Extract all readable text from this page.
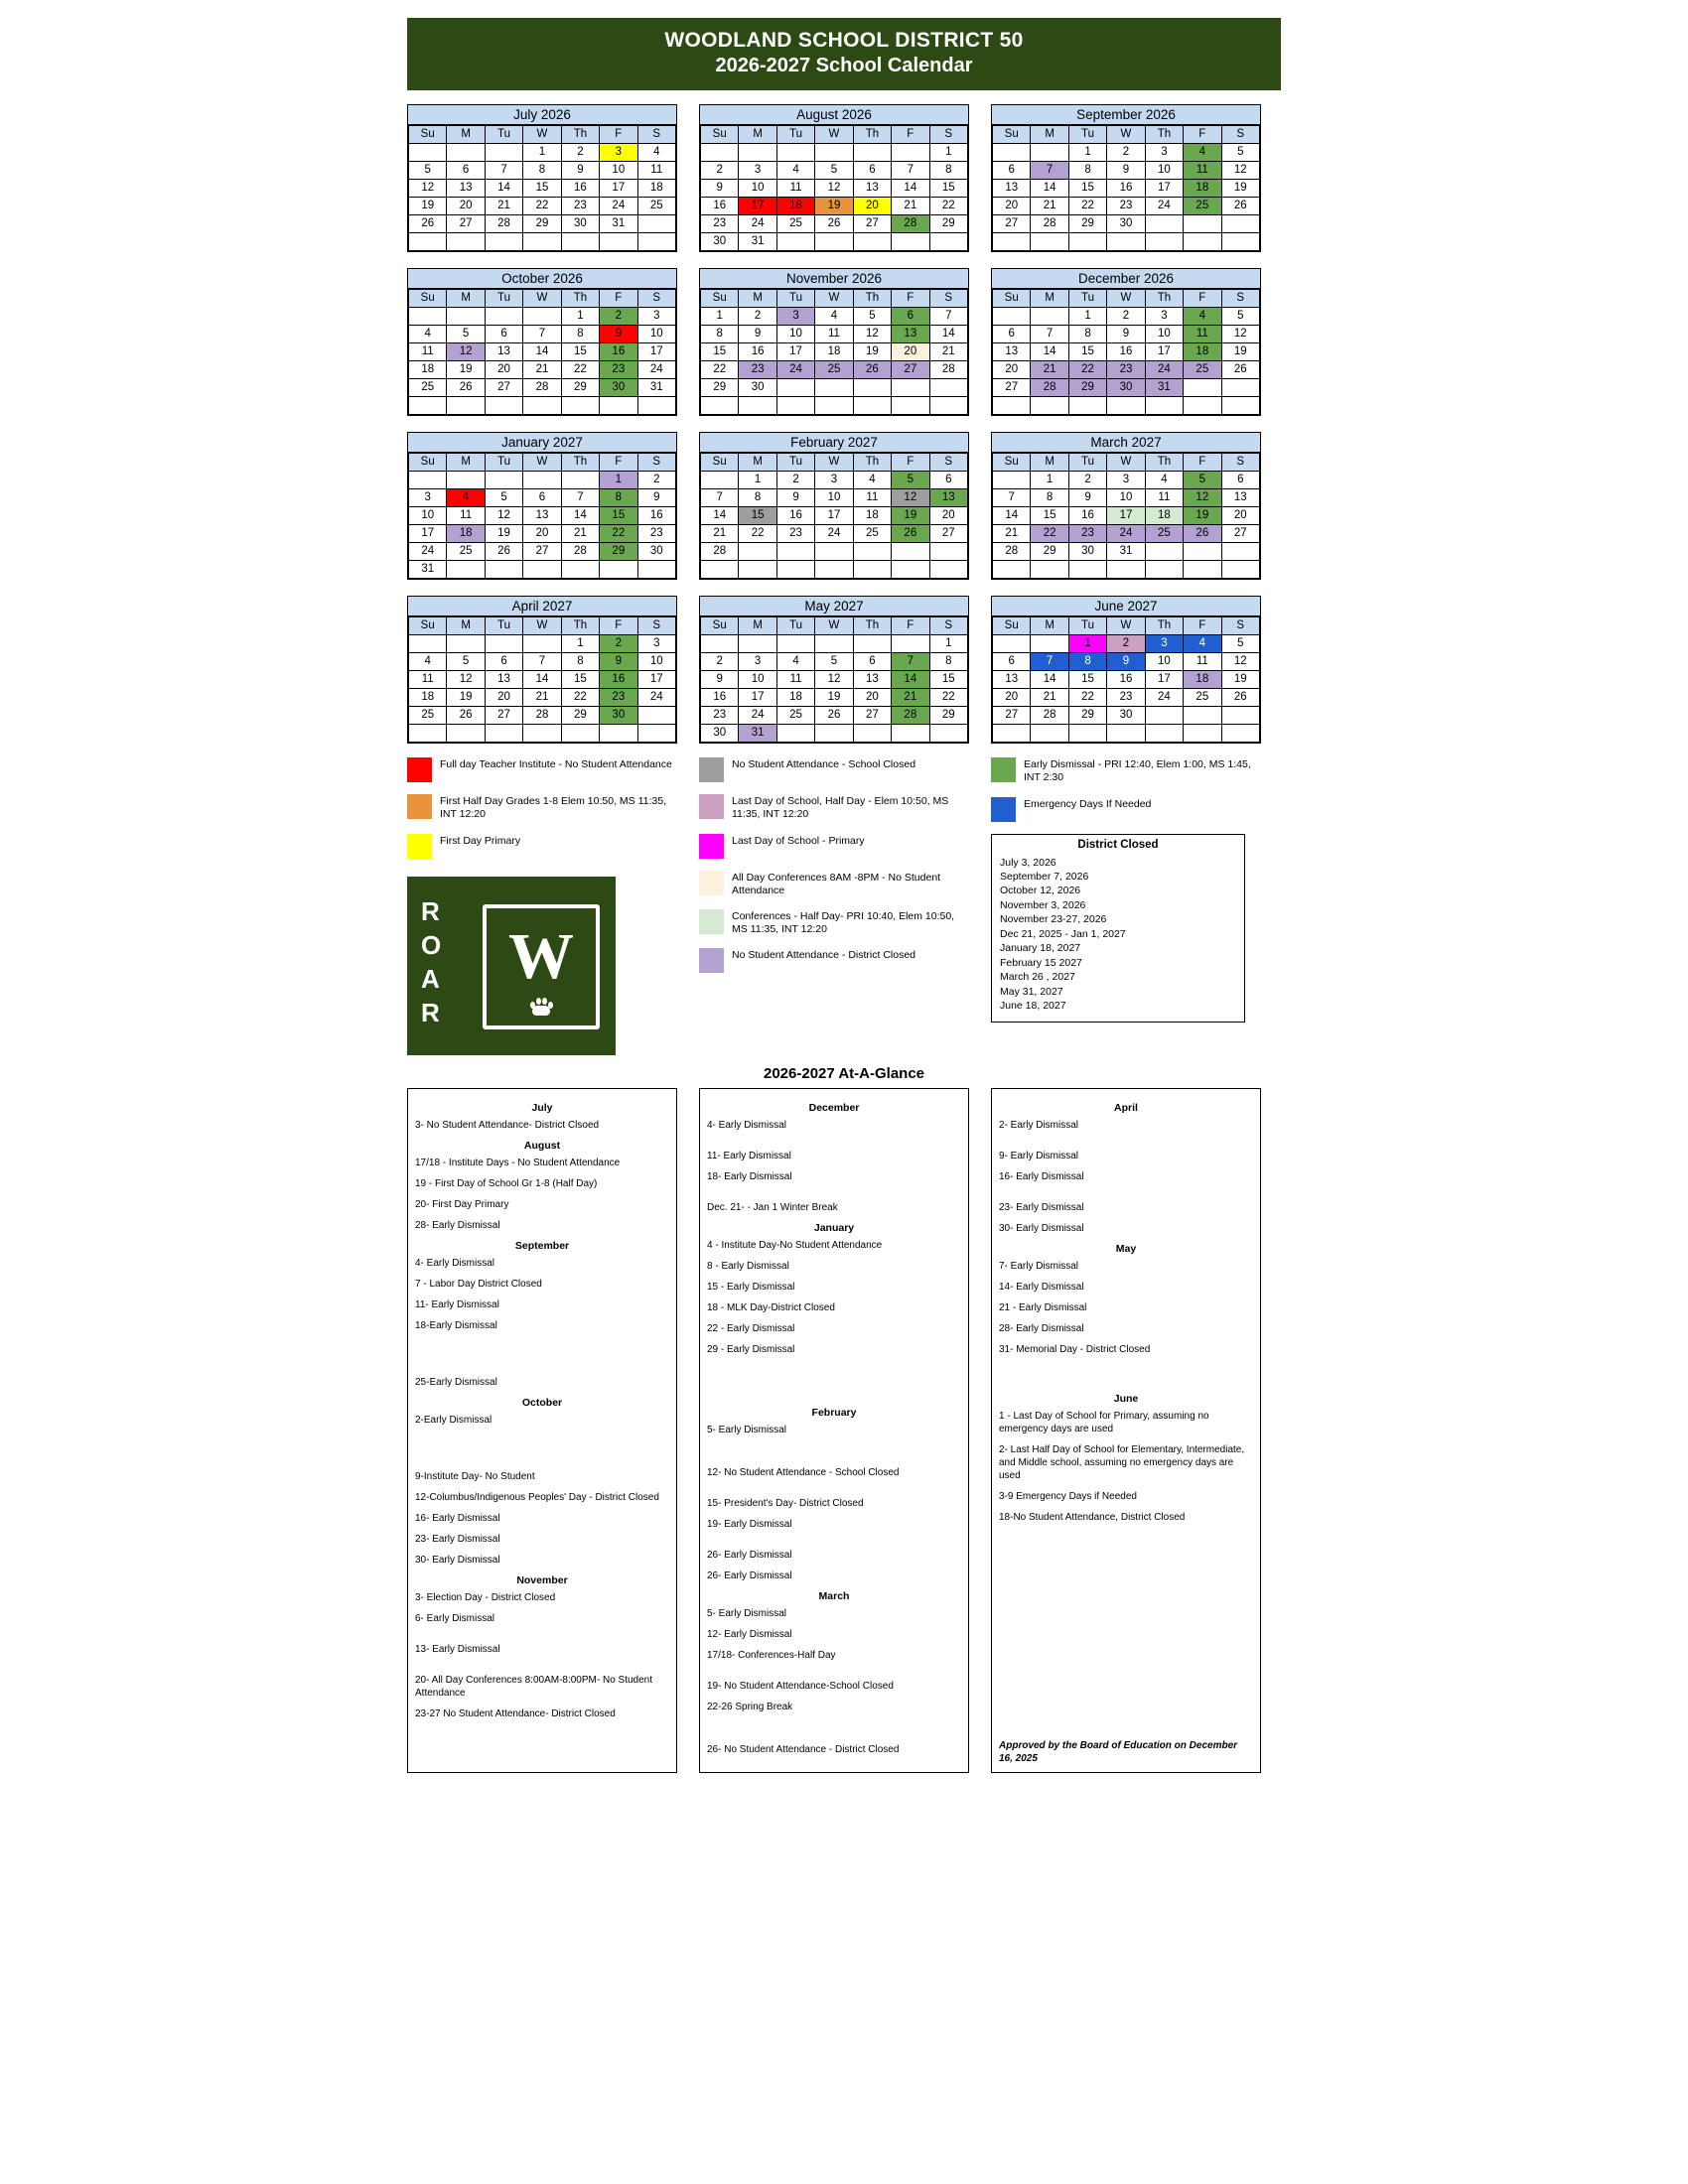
WOODLAND SCHOOL DISTRICT 50
2026-2027 School Calendar
July 2026
Su	M	Tu	W	Th	F	S
			1	2	3	4
5	6	7	8	9	10	11
12	13	14	15	16	17	18
19	20	21	22	23	24	25
26	27	28	29	30	31	

August 2026
Su	M	Tu	W	Th	F	S
						1
2	3	4	5	6	7	8
9	10	11	12	13	14	15
16	17	18	19	20	21	22
23	24	25	26	27	28	29
30	31					
September 2026
Su	M	Tu	W	Th	F	S
		1	2	3	4	5
6	7	8	9	10	11	12
13	14	15	16	17	18	19
20	21	22	23	24	25	26
27	28	29	30			

October 2026
Su	M	Tu	W	Th	F	S
				1	2	3
4	5	6	7	8	9	10
11	12	13	14	15	16	17
18	19	20	21	22	23	24
25	26	27	28	29	30	31

November 2026
Su	M	Tu	W	Th	F	S
1	2	3	4	5	6	7
8	9	10	11	12	13	14
15	16	17	18	19	20	21
22	23	24	25	26	27	28
29	30					

December 2026
Su	M	Tu	W	Th	F	S
		1	2	3	4	5
6	7	8	9	10	11	12
13	14	15	16	17	18	19
20	21	22	23	24	25	26
27	28	29	30	31		

January 2027
Su	M	Tu	W	Th	F	S
					1	2
3	4	5	6	7	8	9
10	11	12	13	14	15	16
17	18	19	20	21	22	23
24	25	26	27	28	29	30
31						
February 2027
Su	M	Tu	W	Th	F	S
	1	2	3	4	5	6
7	8	9	10	11	12	13
14	15	16	17	18	19	20
21	22	23	24	25	26	27
28						

March 2027
Su	M	Tu	W	Th	F	S
	1	2	3	4	5	6
7	8	9	10	11	12	13
14	15	16	17	18	19	20
21	22	23	24	25	26	27
28	29	30	31			

April 2027
Su	M	Tu	W	Th	F	S
				1	2	3
4	5	6	7	8	9	10
11	12	13	14	15	16	17
18	19	20	21	22	23	24
25	26	27	28	29	30	

May 2027
Su	M	Tu	W	Th	F	S
						1
2	3	4	5	6	7	8
9	10	11	12	13	14	15
16	17	18	19	20	21	22
23	24	25	26	27	28	29
30	31					
June 2027
Su	M	Tu	W	Th	F	S
		1	2	3	4	5
6	7	8	9	10	11	12
13	14	15	16	17	18	19
20	21	22	23	24	25	26
27	28	29	30			

Full day Teacher Institute - No Student Attendance
First Half Day Grades 1-8 Elem 10:50, MS 11:35, INT 12:20
First Day Primary
R
O
A
R
W
No Student Attendance - School Closed
Last Day of School, Half Day - Elem 10:50, MS 11:35, INT 12:20
Last Day of School - Primary
All Day Conferences 8AM -8PM - No Student Attendance
Conferences - Half Day- PRI 10:40, Elem 10:50, MS 11:35, INT 12:20
No Student Attendance - District Closed
Early Dismissal - PRI 12:40, Elem 1:00, MS 1:45, INT 2:30
Emergency Days If Needed
District Closed
July 3, 2026
September 7, 2026
October 12, 2026
November 3, 2026
November 23-27, 2026
Dec 21, 2025 - Jan 1, 2027
January 18, 2027
February 15 2027
March 26 , 2027
May 31, 2027
June 18, 2027
2026-2027 At-A-Glance
July
3- No Student Attendance- District Clsoed
August
17/18 - Institute Days - No Student Attendance
19 - First Day of School Gr 1-8 (Half Day)
20- First Day Primary
28- Early Dismissal
September
4- Early Dismissal
7 - Labor Day District Closed
11- Early Dismissal
18-Early Dismissal
25-Early Dismissal
October
2-Early Dismissal
9-Institute Day- No Student
12-Columbus/Indigenous Peoples' Day - District Closed
16- Early Dismissal
23- Early Dismissal
30- Early Dismissal
November
3- Election Day - District Closed
6- Early Dismissal
13- Early Dismissal
20- All Day Conferences 8:00AM-8:00PM- No Student Attendance
23-27 No Student Attendance- District Closed
December
4- Early Dismissal
11- Early Dismissal
18- Early Dismissal
Dec. 21- - Jan 1 Winter Break
January
4 - Institute Day-No Student Attendance
8 - Early Dismissal
15 - Early Dismissal
18 - MLK Day-District Closed
22 - Early Dismissal
29 - Early Dismissal
February
5- Early Dismissal
12- No Student Attendance - School Closed
15- President's Day- District Closed
19- Early Dismissal
26- Early Dismissal
26- Early Dismissal
March
5- Early Dismissal
12- Early Dismissal
17/18- Conferences-Half Day
19- No Student Attendance-School Closed
22-26 Spring Break
26- No Student Attendance - District Closed
April
2- Early Dismissal
9- Early Dismissal
16- Early Dismissal
23- Early Dismissal
30- Early Dismissal
May
7- Early Dismissal
14- Early Dismissal
21 - Early Dismissal
28- Early Dismissal
31- Memorial Day - District Closed
June
1 - Last Day of School for Primary, assuming no emergency days are used
2- Last Half Day of School for Elementary, Intermediate, and Middle school, assuming no emergency days are used
3-9 Emergency Days if Needed
18-No Student Attendance, District Closed
Approved by the Board of Education on December 16, 2025
